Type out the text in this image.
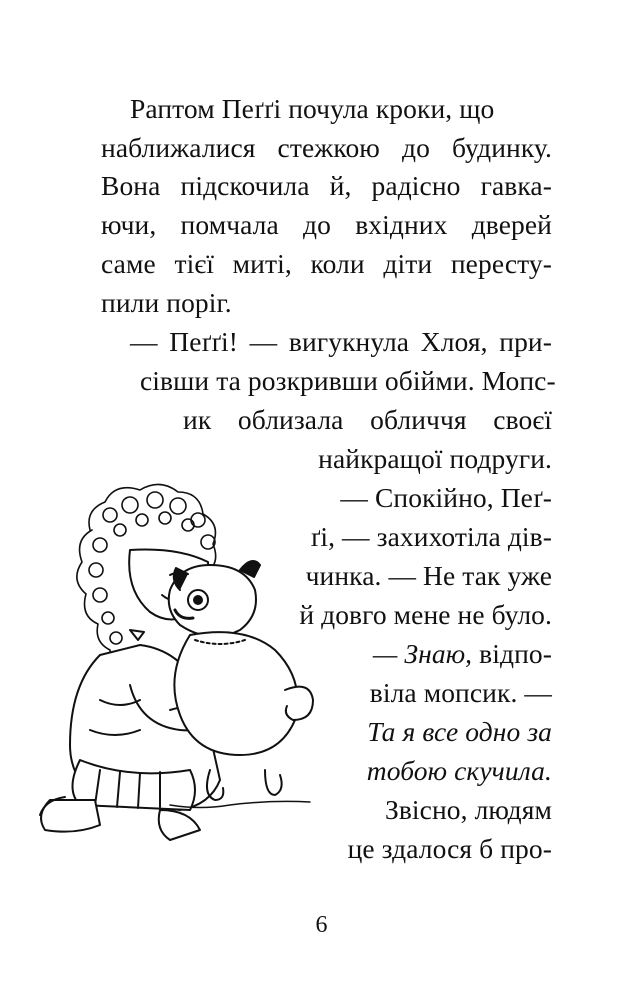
Раптом Пеґґі почула кроки, що
наближалися стежкою до будинку.
Вона підскочила й, радісно гавка-
ючи, помчала до вхідних дверей
саме тієї миті, коли діти пересту-
пили поріг.
— Пеґґі! — вигукнула Хлоя, при-
сівши та розкривши обійми. Мопс-
ик облизала обличчя своєї
найкращої подруги.
— Спокійно, Пеґ-
ґі, — захихотіла дів-
чинка. — Не так уже
й довго мене не було.
— Знаю, відпо-
віла мопсик. —
Та я все одно за
тобою скучила.
Звісно, людям
це здалося б про-
6
